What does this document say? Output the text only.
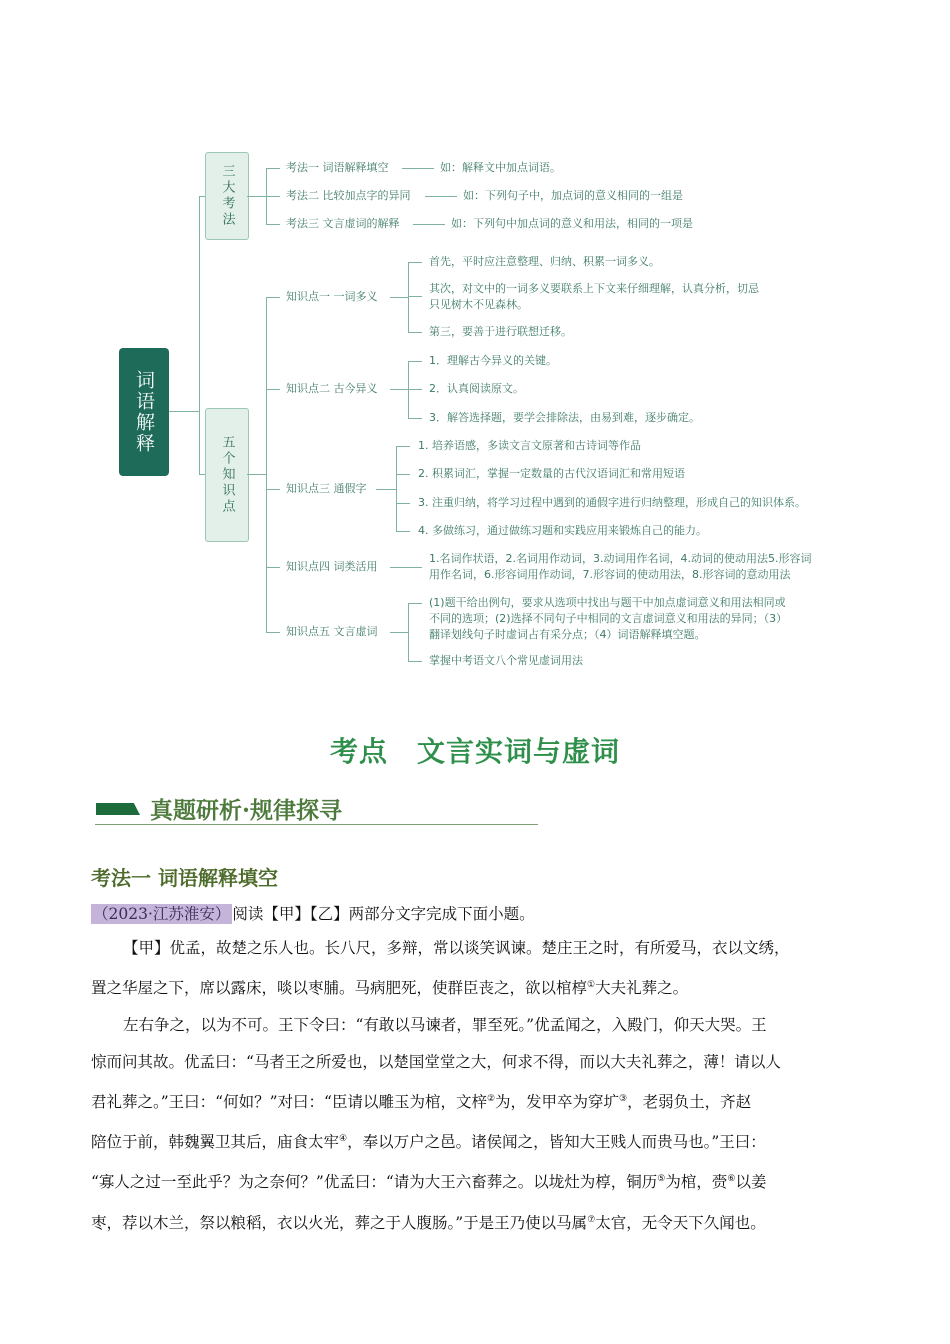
词语解释
三大考法
五个知识点
考法一 词语解释填空	如：解释文中加点词语。
考法二 比较加点字的异同	如：下列句子中，加点词的意义相同的一组是
考法三 文言虚词的解释	如：下列句中加点词的意义和用法，相同的一项是
知识点一 一词多义
首先，平时应注意整理、归纳、积累一词多义。
其次，对文中的一词多义要联系上下文来仔细理解，认真分析，切忌只见树木不见森林。
第三，要善于进行联想迁移。
知识点二 古今异义
1．理解古今异义的关键。
2．认真阅读原文。
3．解答选择题，要学会排除法，由易到难，逐步确定。
知识点三 通假字
1. 培养语感，多读文言文原著和古诗词等作品
2. 积累词汇，掌握一定数量的古代汉语词汇和常用短语
3. 注重归纳，将学习过程中遇到的通假字进行归纳整理，形成自己的知识体系。
4. 多做练习，通过做练习题和实践应用来锻炼自己的能力。
知识点四 词类活用
1.名词作状语，2.名词用作动词，3.动词用作名词，4.动词的使动用法5.形容词用作名词，6.形容词用作动词，7.形容词的使动用法，8.形容词的意动用法
知识点五 文言虚词
(1)题干给出例句，要求从选项中找出与题干中加点虚词意义和用法相同或不同的选项；(2)选择不同句子中相同的文言虚词意义和用法的异同；（3）翻译划线句子时虚词占有采分点；（4）词语解释填空题。
掌握中考语文八个常见虚词用法
考点　文言实词与虚词
真题研析·规律探寻
考法一 词语解释填空
（2023·江苏淮安） 阅读【甲】【乙】两部分文字完成下面小题。
【甲】优孟，故楚之乐人也。长八尺，多辩，常以谈笑讽谏。楚庄王之时，有所爱马，衣以文绣，
置之华屋之下，席以露床，啖以枣脯。马病肥死，使群臣丧之，欲以棺椁①大夫礼葬之。
左右争之，以为不可。王下令曰：“有敢以马谏者，罪至死。”优孟闻之，入殿门，仰天大哭。王
惊而问其故。优孟曰：“马者王之所爱也，以楚国堂堂之大，何求不得，而以大夫礼葬之，薄！请以人
君礼葬之。”王曰：“何如？”对曰：“臣请以雕玉为棺，文梓②为，发甲卒为穿圹③，老弱负土，齐赵
陪位于前，韩魏翼卫其后，庙食太牢④，奉以万户之邑。诸侯闻之，皆知大王贱人而贵马也。”王曰：
“寡人之过一至此乎？为之奈何？”优孟曰：“请为大王六畜葬之。以垅灶为椁，铜历⑤为棺，赍⑥以姜
枣，荐以木兰，祭以粮稻，衣以火光，葬之于人腹肠。”于是王乃使以马属⑦太官，无令天下久闻也。
